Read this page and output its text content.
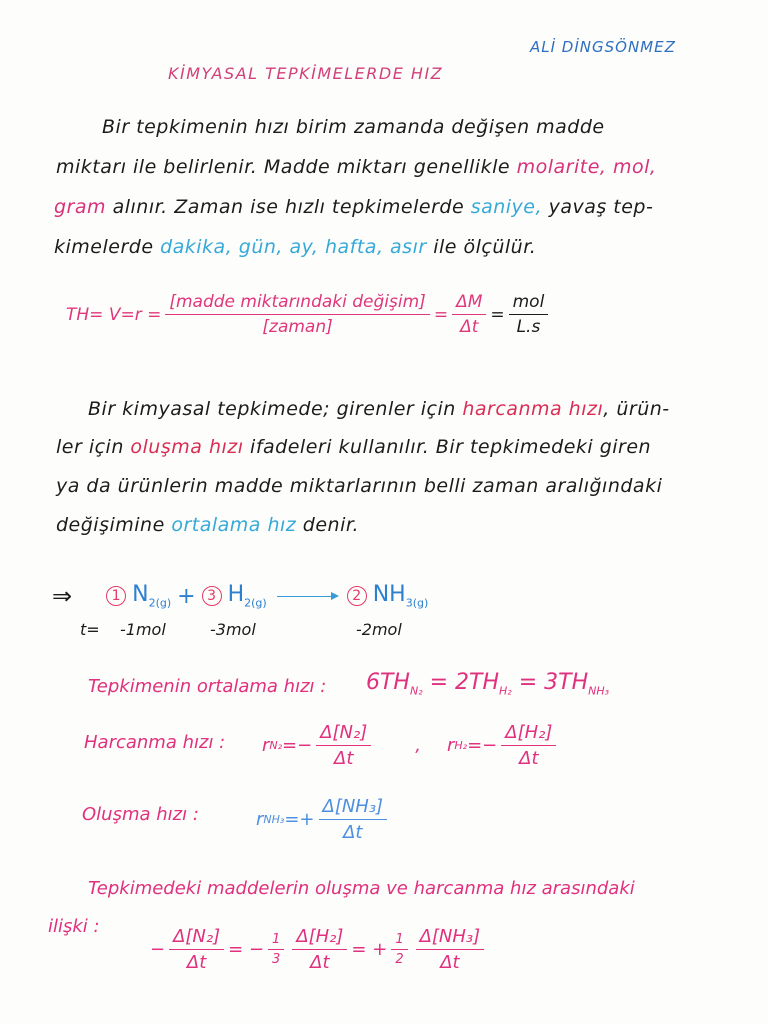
ALİ DİNGSÖNMEZ
KİMYASAL TEPKİMELERDE HIZ
Bir tepkimenin hızı birim zamanda değişen madde
miktarı ile belirlenir. Madde miktarı genellikle molarite, mol,
gram alınır. Zaman ise hızlı tepkimelerde saniye, yavaş tep-
kimelerde dakika, gün, ay, hafta, asır ile ölçülür.
$TH= V=r = \frac{\text{[madde miktarındaki değişim]}}{\text{[zaman]}} = \frac{\Delta M}{\Delta t} = \frac{\text{mol}}{L.s}$
Bir kimyasal tepkimede; girenler için harcanma hızı, ürün-
ler için oluşma hızı ifadeleri kullanılır. Bir tepkimedeki giren
ya da ürünlerin madde miktarlarının belli zaman aralığındaki
değişimine ortalama hız denir.
⇒	1 $N_{2(g)} + 3$ $H_{2(g)}$ →	2 $NH_{3(g)}$
t= -1mol	-3mol	-2mol
Tepkimenin ortalama hızı : $6TH_{N_2} = 2TH_{H_2} = 3TH_{NH_3}$
Harcanma hızı : r $N_2 =- \frac{\text{Δ[N₂]}}{\Delta t}$ , r $H_2 =- \frac{\text{Δ[H₂]}}{\Delta t}$
Oluşma hızı :	r $NH_3 =+ \frac{\text{Δ[NH₃]}}{\Delta t}$
Tepkimedeki maddelerin oluşma ve harcanma hız arasındaki
ilişki :
− $\frac{\text{Δ[N₂]}}{\Delta t}$ = − $\frac{1}{3} \frac{\text{Δ[H₂]}}{\Delta t}$ = + $\frac{1}{2} \frac{\text{Δ[NH₃]}}{\Delta t}$
